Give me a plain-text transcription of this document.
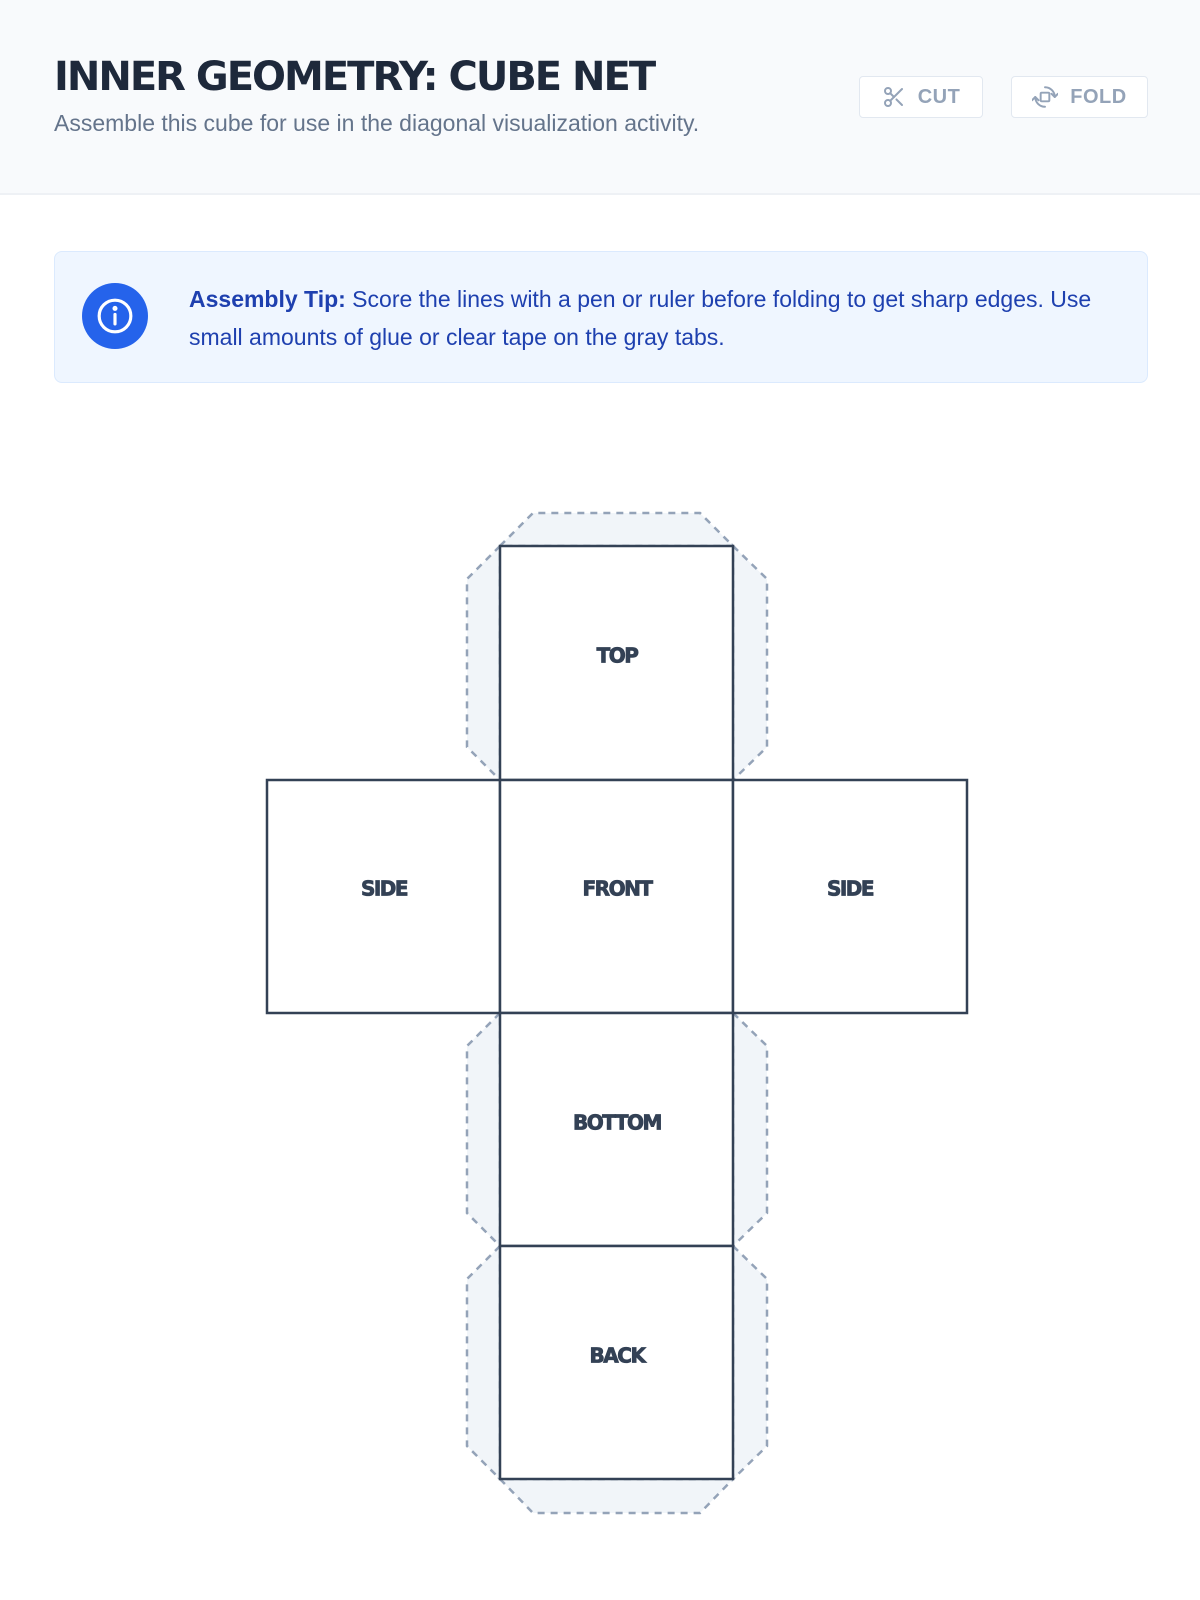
INNER GEOMETRY: CUBE NET
Assemble this cube for use in the diagonal visualization activity.
CUT	FOLD
Assembly Tip: Score the lines with a pen or ruler before folding to get sharp edges. Use small amounts of glue or clear tape on the gray tabs.
TOP
SIDE	FRONT	SIDE
BOTTOM
BACK
